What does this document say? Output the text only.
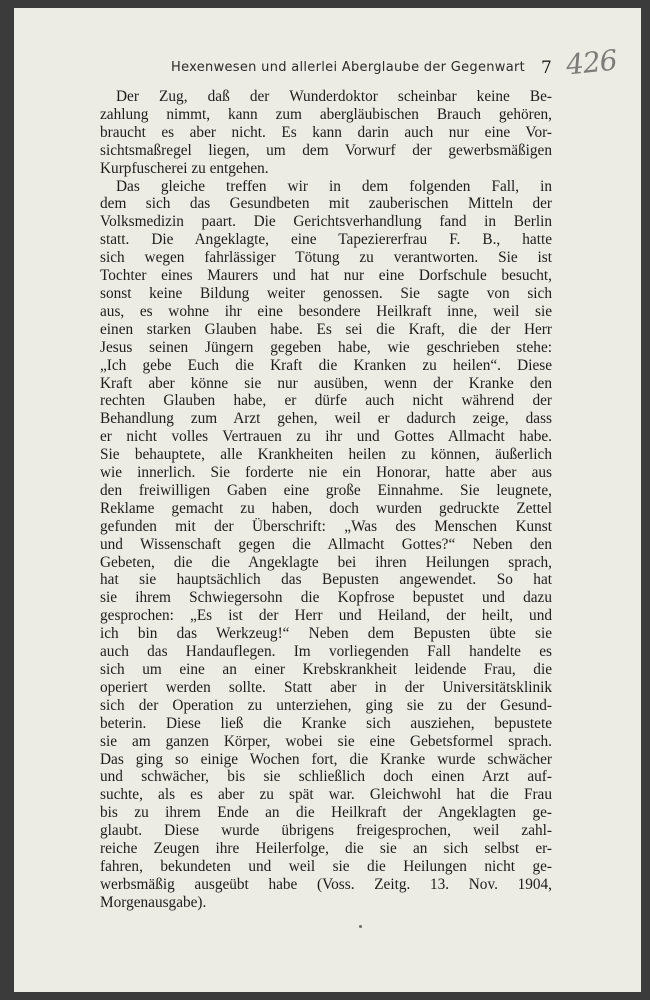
Hexenwesen und allerlei Aberglaube der Gegenwart 7 426
Der Zug, daß der Wunderdoktor scheinbar keine Be-
zahlung nimmt, kann zum abergläubischen Brauch gehören,
braucht es aber nicht. Es kann darin auch nur eine Vor-
sichtsmaßregel liegen, um dem Vorwurf der gewerbsmäßigen
Kurpfuscherei zu entgehen.
Das gleiche treffen wir in dem folgenden Fall, in
dem sich das Gesundbeten mit zauberischen Mitteln der
Volksmedizin paart. Die Gerichtsverhandlung fand in Berlin
statt. Die Angeklagte, eine Tapeziererfrau F. B., hatte
sich wegen fahrlässiger Tötung zu verantworten. Sie ist
Tochter eines Maurers und hat nur eine Dorfschule besucht,
sonst keine Bildung weiter genossen. Sie sagte von sich
aus, es wohne ihr eine besondere Heilkraft inne, weil sie
einen starken Glauben habe. Es sei die Kraft, die der Herr
Jesus seinen Jüngern gegeben habe, wie geschrieben stehe:
„Ich gebe Euch die Kraft die Kranken zu heilen“. Diese
Kraft aber könne sie nur ausüben, wenn der Kranke den
rechten Glauben habe, er dürfe auch nicht während der
Behandlung zum Arzt gehen, weil er dadurch zeige, dass
er nicht volles Vertrauen zu ihr und Gottes Allmacht habe.
Sie behauptete, alle Krankheiten heilen zu können, äußerlich
wie innerlich. Sie forderte nie ein Honorar, hatte aber aus
den freiwilligen Gaben eine große Einnahme. Sie leugnete,
Reklame gemacht zu haben, doch wurden gedruckte Zettel
gefunden mit der Überschrift: „Was des Menschen Kunst
und Wissenschaft gegen die Allmacht Gottes?“ Neben den
Gebeten, die die Angeklagte bei ihren Heilungen sprach,
hat sie hauptsächlich das Bepusten angewendet. So hat
sie ihrem Schwiegersohn die Kopfrose bepustet und dazu
gesprochen: „Es ist der Herr und Heiland, der heilt, und
ich bin das Werkzeug!“ Neben dem Bepusten übte sie
auch das Handauflegen. Im vorliegenden Fall handelte es
sich um eine an einer Krebskrankheit leidende Frau, die
operiert werden sollte. Statt aber in der Universitätsklinik
sich der Operation zu unterziehen, ging sie zu der Gesund-
beterin. Diese ließ die Kranke sich ausziehen, bepustete
sie am ganzen Körper, wobei sie eine Gebetsformel sprach.
Das ging so einige Wochen fort, die Kranke wurde schwächer
und schwächer, bis sie schließlich doch einen Arzt auf-
suchte, als es aber zu spät war. Gleichwohl hat die Frau
bis zu ihrem Ende an die Heilkraft der Angeklagten ge-
glaubt. Diese wurde übrigens freigesprochen, weil zahl-
reiche Zeugen ihre Heilerfolge, die sie an sich selbst er-
fahren, bekundeten und weil sie die Heilungen nicht ge-
werbsmäßig ausgeübt habe (Voss. Zeitg. 13. Nov. 1904,
Morgenausgabe).
